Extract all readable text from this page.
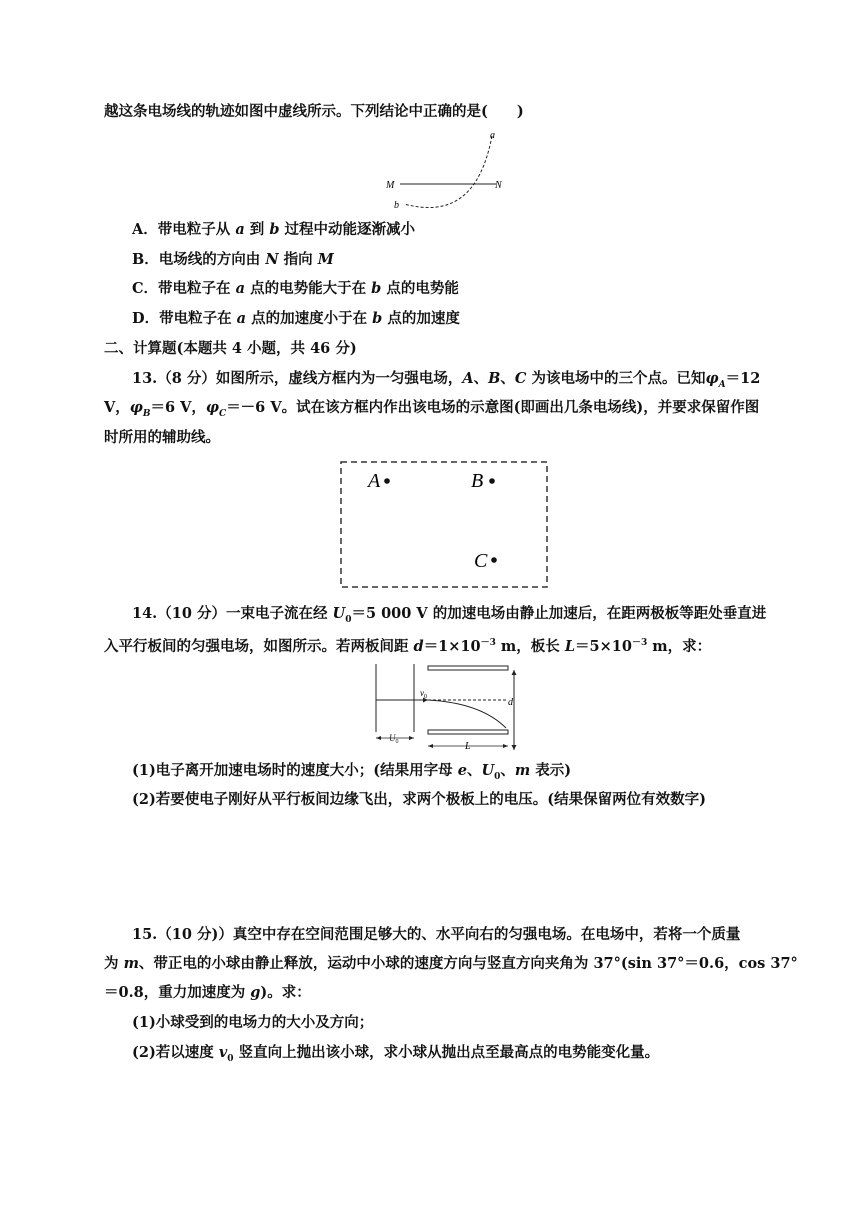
越这条电场线的轨迹如图中虚线所示。下列结论中正确的是(　　)
a
M	N
b
A．带电粒子从 a 到 b 过程中动能逐渐减小
B．电场线的方向由 N 指向 M
C．带电粒子在 a 点的电势能大于在 b 点的电势能
D．带电粒子在 a 点的加速度小于在 b 点的加速度
二、计算题(本题共 4 小题，共 46 分)
13.（8 分）如图所示，虚线方框内为一匀强电场，A、B、C 为该电场中的三个点。已知$\varphi_A=12$
V，$\varphi_B=6$ V，$\varphi_C=-6$ V。试在该方框内作出该电场的示意图(即画出几条电场线)，并要求保留作图
时所用的辅助线。
A	B
C
14.（10 分）一束电子流在经 $U_0=5$ 000 V 的加速电场由静止加速后，在距两极板等距处垂直进
入平行板间的匀强电场，如图所示。若两板间距 $d=1\times 10^{-3}$ m，板长 $L=5\times 10^{-3}$ m，求：
$v_0$	d
$U_0$	L
(1)电子离开加速电场时的速度大小；(结果用字母 e、$U_0$、m 表示)
(2)若要使电子刚好从平行板间边缘飞出，求两个极板上的电压。(结果保留两位有效数字)
15.（10 分)）真空中存在空间范围足够大的、水平向右的匀强电场。在电场中，若将一个质量
为 m、带正电的小球由静止释放，运动中小球的速度方向与竖直方向夹角为 37°(sin 37°＝0.6，cos 37°
＝0.8，重力加速度为 g)。求：
(1)小球受到的电场力的大小及方向；
(2)若以速度 $v_0$ 竖直向上抛出该小球，求小球从抛出点至最高点的电势能变化量。
